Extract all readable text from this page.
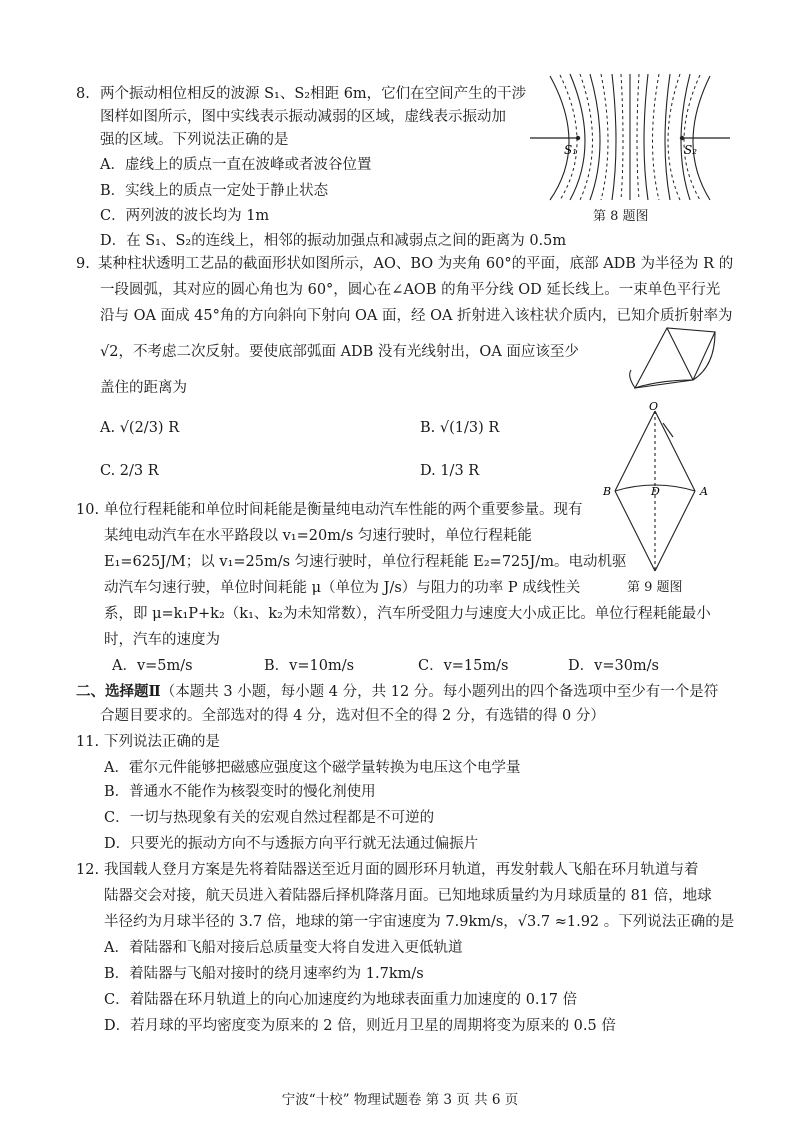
8. 两个振动相位相反的波源 S₁、S₂相距 6m，它们在空间产生的干涉
图样如图所示，图中实线表示振动减弱的区域，虚线表示振动加
强的区域。下列说法正确的是
A．虚线上的质点一直在波峰或者波谷位置
B．实线上的质点一定处于静止状态
C．两列波的波长均为 1m
D．在 S₁、S₂的连线上，相邻的振动加强点和减弱点之间的距离为 0.5m
S₁	S₂
第 8 题图
9. 某种柱状透明工艺品的截面形状如图所示，AO、BO 为夹角 60°的平面，底部 ADB 为半径为 R 的
一段圆弧，其对应的圆心角也为 60°，圆心在∠AOB 的角平分线 OD 延长线上。一束单色平行光
沿与 OA 面成 45°角的方向斜向下射向 OA 面，经 OA 折射进入该柱状介质内，已知介质折射率为
√2，不考虑二次反射。要使底部弧面 ADB 没有光线射出，OA 面应该至少
盖住的距离为
A. √(2/3) R	B. √(1/3) R
C. 2/3 R	D. 1/3 R
O
A
B	D
第 9 题图
10. 单位行程耗能和单位时间耗能是衡量纯电动汽车性能的两个重要参量。现有
某纯电动汽车在水平路段以 v₁=20m/s 匀速行驶时，单位行程耗能
E₁=625J/M；以 v₁=25m/s 匀速行驶时，单位行程耗能 E₂=725J/m。电动机驱
动汽车匀速行驶，单位时间耗能 μ（单位为 J/s）与阻力的功率 P 成线性关
系，即 μ=k₁P+k₂（k₁、k₂为未知常数），汽车所受阻力与速度大小成正比。单位行程耗能最小
时，汽车的速度为
A．v=5m/s	B．v=10m/s	C．v=15m/s	D．v=30m/s
二、选择题Ⅱ（本题共 3 小题，每小题 4 分，共 12 分。每小题列出的四个备选项中至少有一个是符
合题目要求的。全部选对的得 4 分，选对但不全的得 2 分，有选错的得 0 分）
11. 下列说法正确的是
A．霍尔元件能够把磁感应强度这个磁学量转换为电压这个电学量
B．普通水不能作为核裂变时的慢化剂使用
C．一切与热现象有关的宏观自然过程都是不可逆的
D．只要光的振动方向不与透振方向平行就无法通过偏振片
12. 我国载人登月方案是先将着陆器送至近月面的圆形环月轨道，再发射载人飞船在环月轨道与着
陆器交会对接，航天员进入着陆器后择机降落月面。已知地球质量约为月球质量的 81 倍，地球
半径约为月球半径的 3.7 倍，地球的第一宇宙速度为 7.9km/s，√3.7 ≈1.92 。下列说法正确的是
A．着陆器和飞船对接后总质量变大将自发进入更低轨道
B．着陆器与飞船对接时的绕月速率约为 1.7km/s
C．着陆器在环月轨道上的向心加速度约为地球表面重力加速度的 0.17 倍
D．若月球的平均密度变为原来的 2 倍，则近月卫星的周期将变为原来的 0.5 倍
宁波“十校” 物理试题卷 第 3 页 共 6 页
